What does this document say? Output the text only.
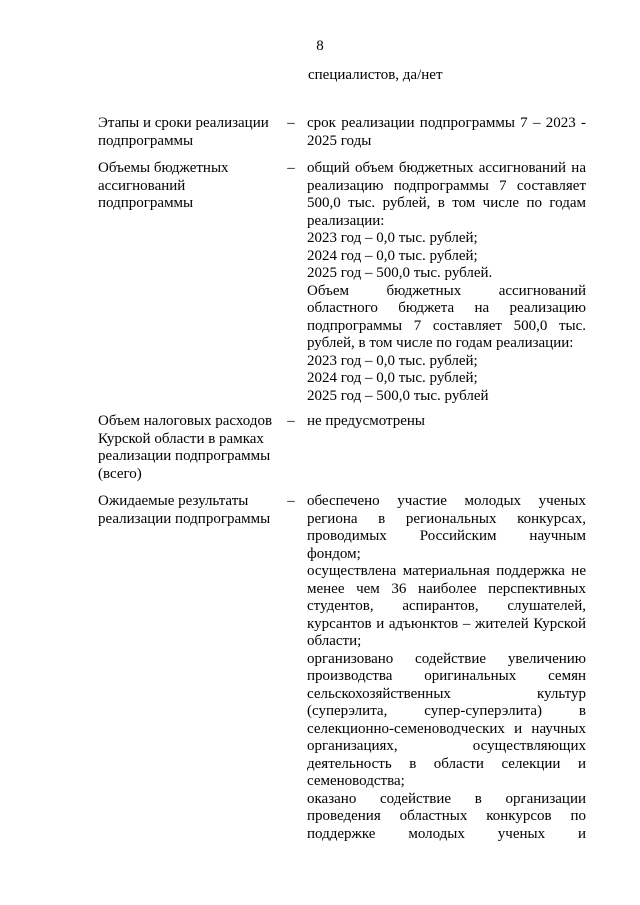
8
специалистов, да/нет
Этапы и сроки реализации
подпрограммы
– срок реализации подпрограммы 7 – 2023 -
2025 годы
Объемы бюджетных
ассигнований
подпрограммы
– общий объем бюджетных ассигнований на
реализацию подпрограммы 7 составляет
500,0 тыс. рублей, в том числе по годам
реализации:
2023 год – 0,0 тыс. рублей;
2024 год – 0,0 тыс. рублей;
2025 год – 500,0 тыс. рублей.
Объем бюджетных ассигнований
областного бюджета на реализацию
подпрограммы 7 составляет 500,0 тыс.
рублей, в том числе по годам реализации:
2023 год – 0,0 тыс. рублей;
2024 год – 0,0 тыс. рублей;
2025 год – 500,0 тыс. рублей
Объем налоговых расходов
Курской области в рамках
реализации подпрограммы
(всего)
– не предусмотрены
Ожидаемые результаты
реализации подпрограммы
– обеспечено участие молодых ученых
региона в региональных конкурсах,
проводимых Российским научным
фондом;
осуществлена материальная поддержка не
менее чем 36 наиболее перспективных
студентов, аспирантов, слушателей,
курсантов и адъюнктов – жителей Курской
области;
организовано содействие увеличению
производства оригинальных семян
сельскохозяйственных культур
(суперэлита, супер-суперэлита) в
селекционно-семеноводческих и научных
организациях, осуществляющих
деятельность в области селекции и
семеноводства;
оказано содействие в организации
проведения областных конкурсов по
поддержке молодых ученых и
